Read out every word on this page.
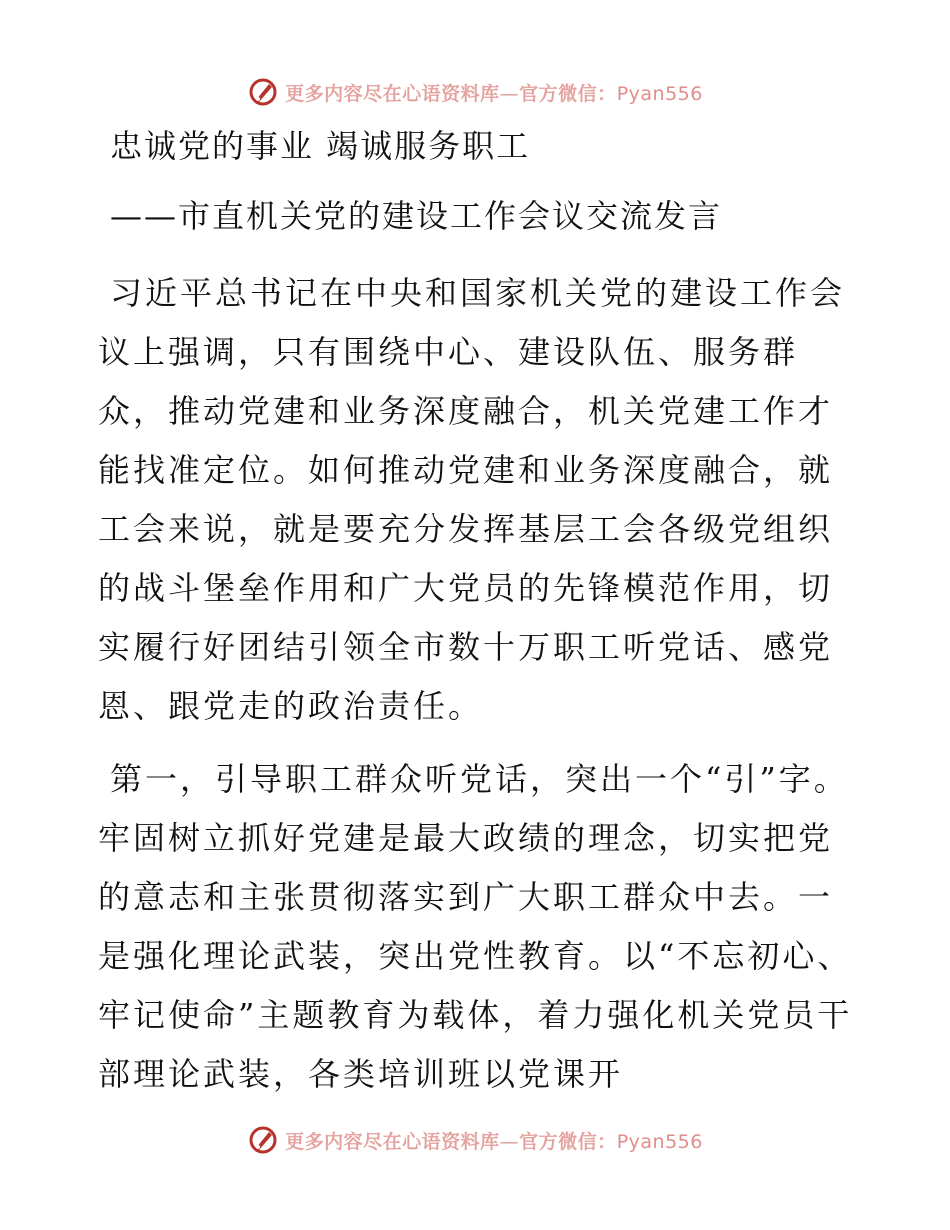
更多内容尽在心语资料库—官方微信：Pyan556
忠诚党的事业 竭诚服务职工
——市直机关党的建设工作会议交流发言

习近平总书记在中央和国家机关党的建设工作会议上强调，只有围绕中心、建设队伍、服务群众，推动党建和业务深度融合，机关党建工作才能找准定位。如何推动党建和业务深度融合，就工会来说，就是要充分发挥基层工会各级党组织的战斗堡垒作用和广大党员的先锋模范作用，切实履行好团结引领全市数十万职工听党话、感党恩、跟党走的政治责任。

第一，引导职工群众听党话，突出一个“引”字。牢固树立抓好党建是最大政绩的理念，切实把党的意志和主张贯彻落实到广大职工群众中去。一是强化理论武装，突出党性教育。以“不忘初心、牢记使命”主题教育为载体，着力强化机关党员干部理论武装，各类培训班以党课开

更多内容尽在心语资料库—官方微信：Pyan556
